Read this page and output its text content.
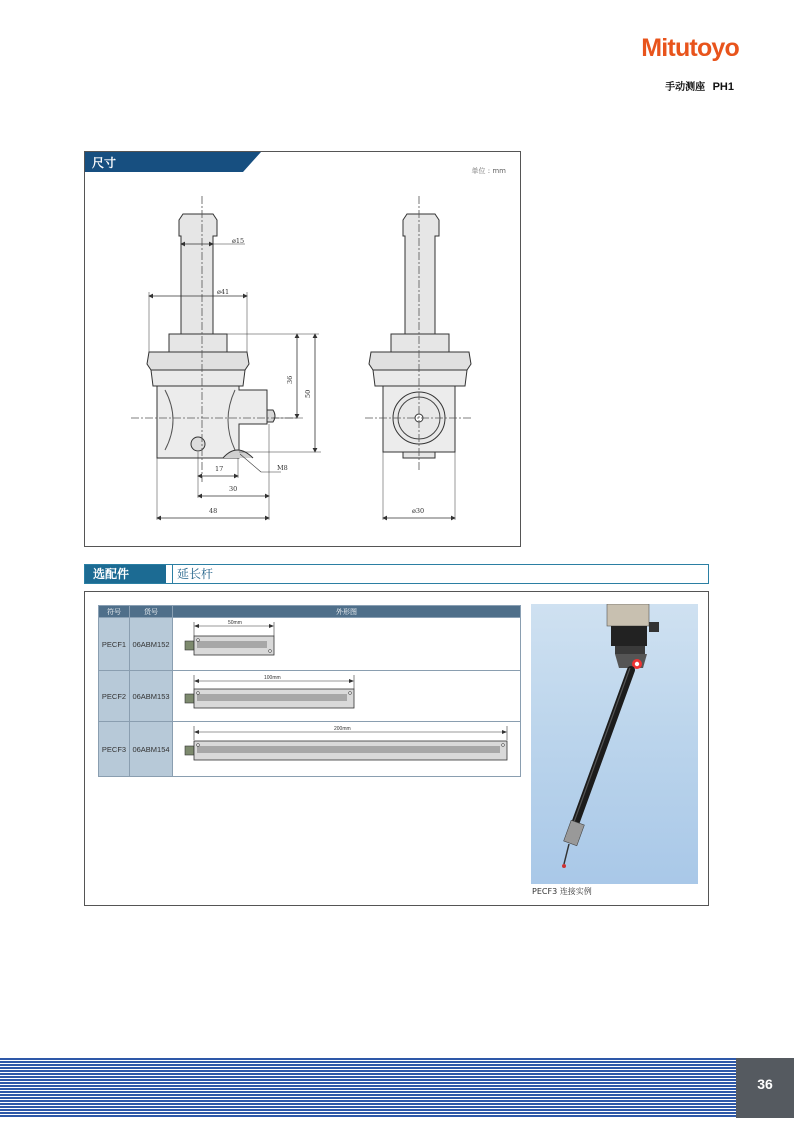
Mitutoyo
手动测座 PH1
尺寸
单位 : mm
ø15
ø41
36
50
17	M8
30
48	ø30
选配件	延长杆
符号	货号	外形图
PECF1	06ABM152	50mm

PECF2	06ABM153	100mm

PECF3	06ABM154	200mm
PECF3 连接实例
36
